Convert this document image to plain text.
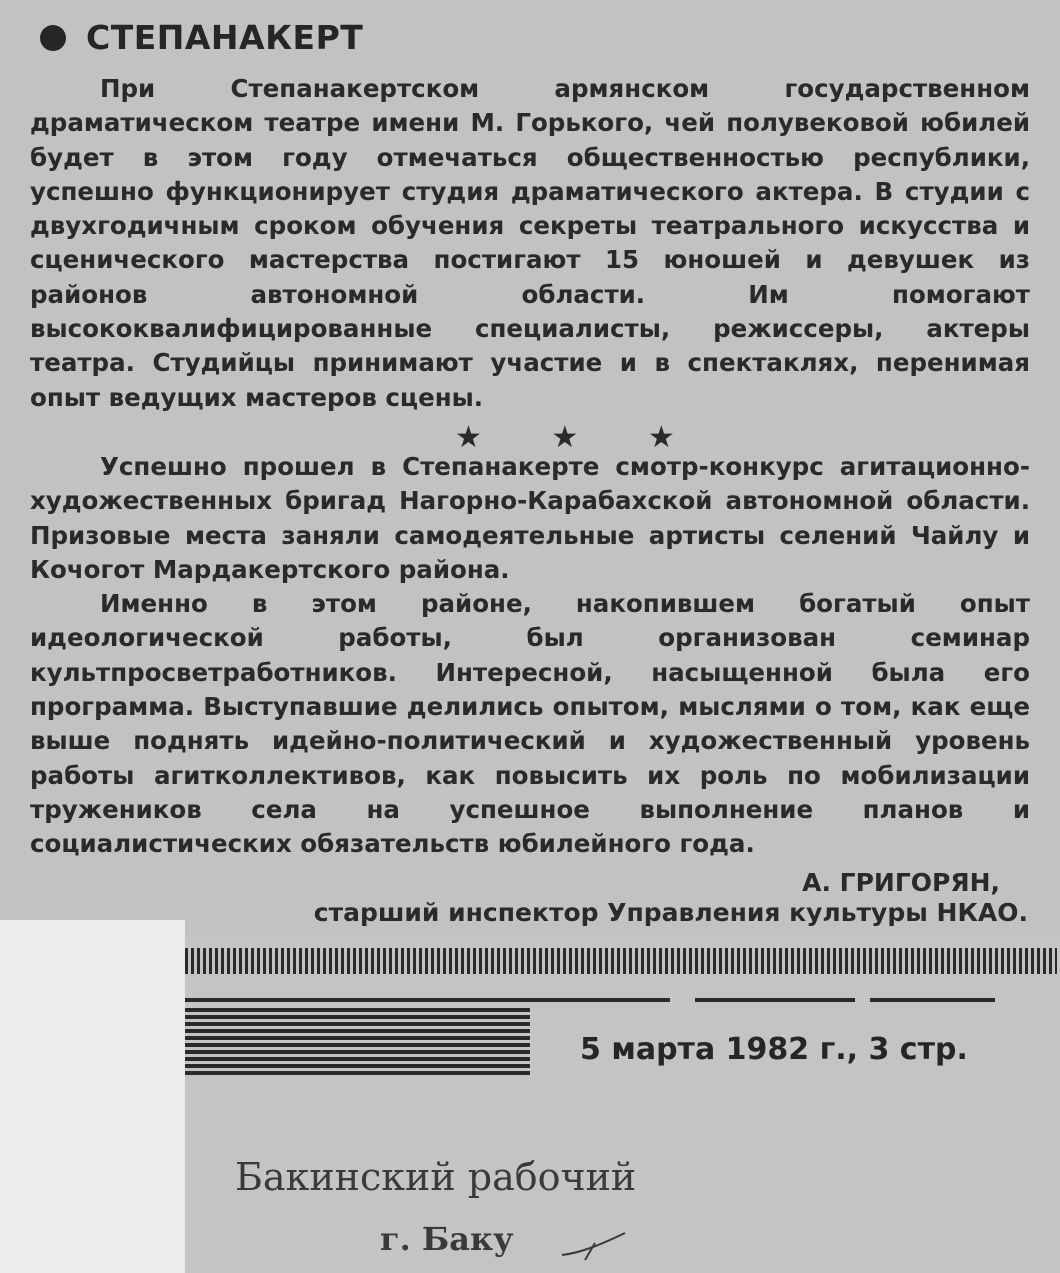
СТЕПАНАКЕРТ

При Степанакертском армянском государственном драматическом театре имени М. Горького, чей полувековой юбилей будет в этом году отмечаться общественностью республики, успешно функционирует студия драматического актера. В студии с двухгодичным сроком обучения секреты театрального искусства и сценического мастерства постигают 15 юношей и девушек из районов автономной области. Им помогают высококвалифицированные специалисты, режиссеры, актеры театра. Студийцы принимают участие и в спектаклях, перенимая опыт ведущих мастеров сцены.

★ ★ ★

Успешно прошел в Степанакерте смотр-конкурс агитационно-художественных бригад Нагорно-Карабахской автономной области. Призовые места заняли самодеятельные артисты селений Чайлу и Кочогот Мардакертского района.

Именно в этом районе, накопившем богатый опыт идеологической работы, был организован семинар культпросветработников. Интересной, насыщенной была его программа. Выступавшие делились опытом, мыслями о том, как еще выше поднять идейно-политический и художественный уровень работы агитколлективов, как повысить их роль по мобилизации тружеников села на успешное выполнение планов и социалистических обязательств юбилейного года.

А. ГРИГОРЯН,
старший инспектор Управления культуры НКАО.
5 марта 1982 г., 3 стр.
Бакинский рабочий
г. Баку
